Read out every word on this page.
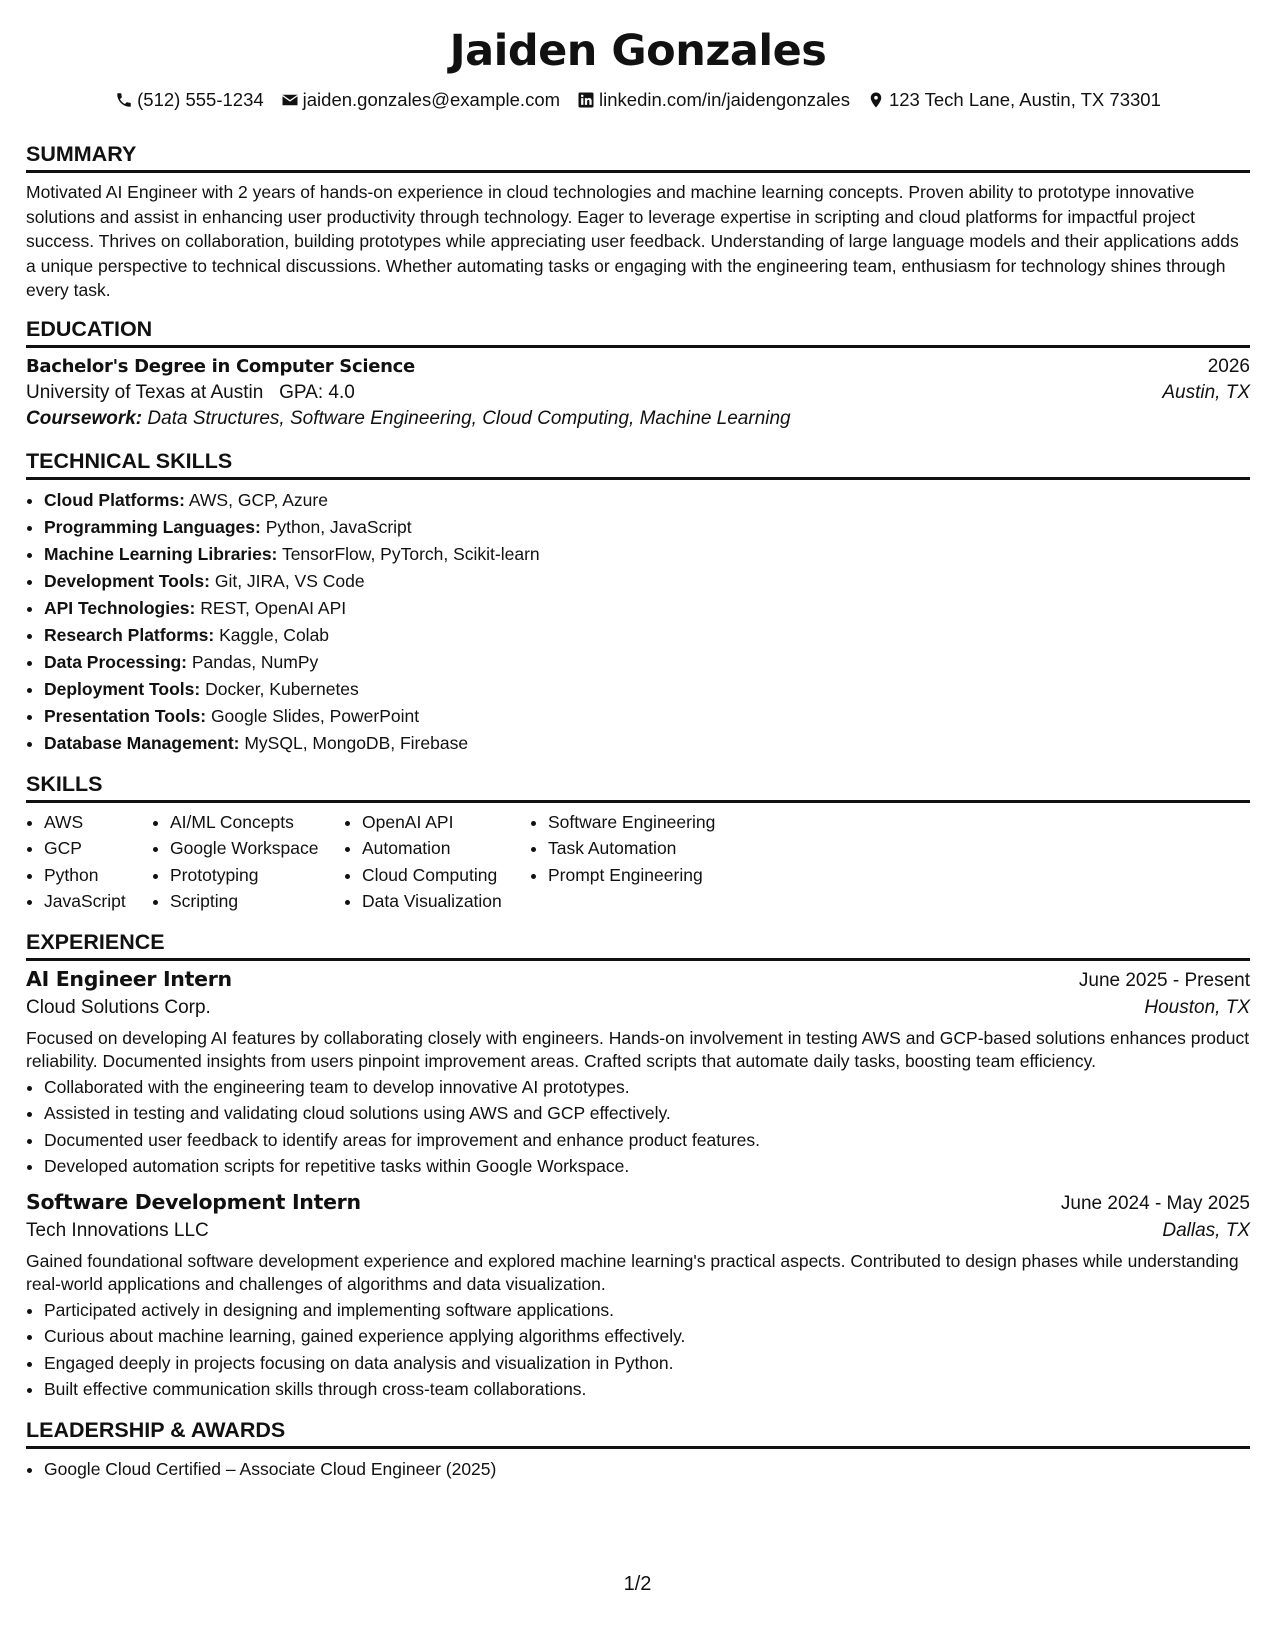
Jaiden Gonzales
(512) 555-1234 jaiden.gonzales@example.com linkedin.com/in/jaidengonzales 123 Tech Lane, Austin, TX 73301
SUMMARY
Motivated AI Engineer with 2 years of hands-on experience in cloud technologies and machine learning concepts. Proven ability to prototype innovative solutions and assist in enhancing user productivity through technology. Eager to leverage expertise in scripting and cloud platforms for impactful project success. Thrives on collaboration, building prototypes while appreciating user feedback. Understanding of large language models and their applications adds a unique perspective to technical discussions. Whether automating tasks or engaging with the engineering team, enthusiasm for technology shines through every task.
EDUCATION
Bachelor's Degree in Computer Science	2026
University of Texas at Austin GPA: 4.0	Austin, TX
Coursework: Data Structures, Software Engineering, Cloud Computing, Machine Learning
TECHNICAL SKILLS
• Cloud Platforms: AWS, GCP, Azure
• Programming Languages: Python, JavaScript
• Machine Learning Libraries: TensorFlow, PyTorch, Scikit-learn
• Development Tools: Git, JIRA, VS Code
• API Technologies: REST, OpenAI API
• Research Platforms: Kaggle, Colab
• Data Processing: Pandas, NumPy
• Deployment Tools: Docker, Kubernetes
• Presentation Tools: Google Slides, PowerPoint
• Database Management: MySQL, MongoDB, Firebase
SKILLS
• AWS
• GCP
• Python
• JavaScript
• AI/ML Concepts
• Google Workspace
• Prototyping
• Scripting
• OpenAI API
• Automation
• Cloud Computing
• Data Visualization
• Software Engineering
• Task Automation
• Prompt Engineering
EXPERIENCE
AI Engineer Intern	June 2025 - Present
Cloud Solutions Corp.	Houston, TX
Focused on developing AI features by collaborating closely with engineers. Hands-on involvement in testing AWS and GCP-based solutions enhances product reliability. Documented insights from users pinpoint improvement areas. Crafted scripts that automate daily tasks, boosting team efficiency.
• Collaborated with the engineering team to develop innovative AI prototypes.
• Assisted in testing and validating cloud solutions using AWS and GCP effectively.
• Documented user feedback to identify areas for improvement and enhance product features.
• Developed automation scripts for repetitive tasks within Google Workspace.
Software Development Intern	June 2024 - May 2025
Tech Innovations LLC	Dallas, TX
Gained foundational software development experience and explored machine learning's practical aspects. Contributed to design phases while understanding real-world applications and challenges of algorithms and data visualization.
• Participated actively in designing and implementing software applications.
• Curious about machine learning, gained experience applying algorithms effectively.
• Engaged deeply in projects focusing on data analysis and visualization in Python.
• Built effective communication skills through cross-team collaborations.
LEADERSHIP & AWARDS
• Google Cloud Certified – Associate Cloud Engineer (2025)
1/2
